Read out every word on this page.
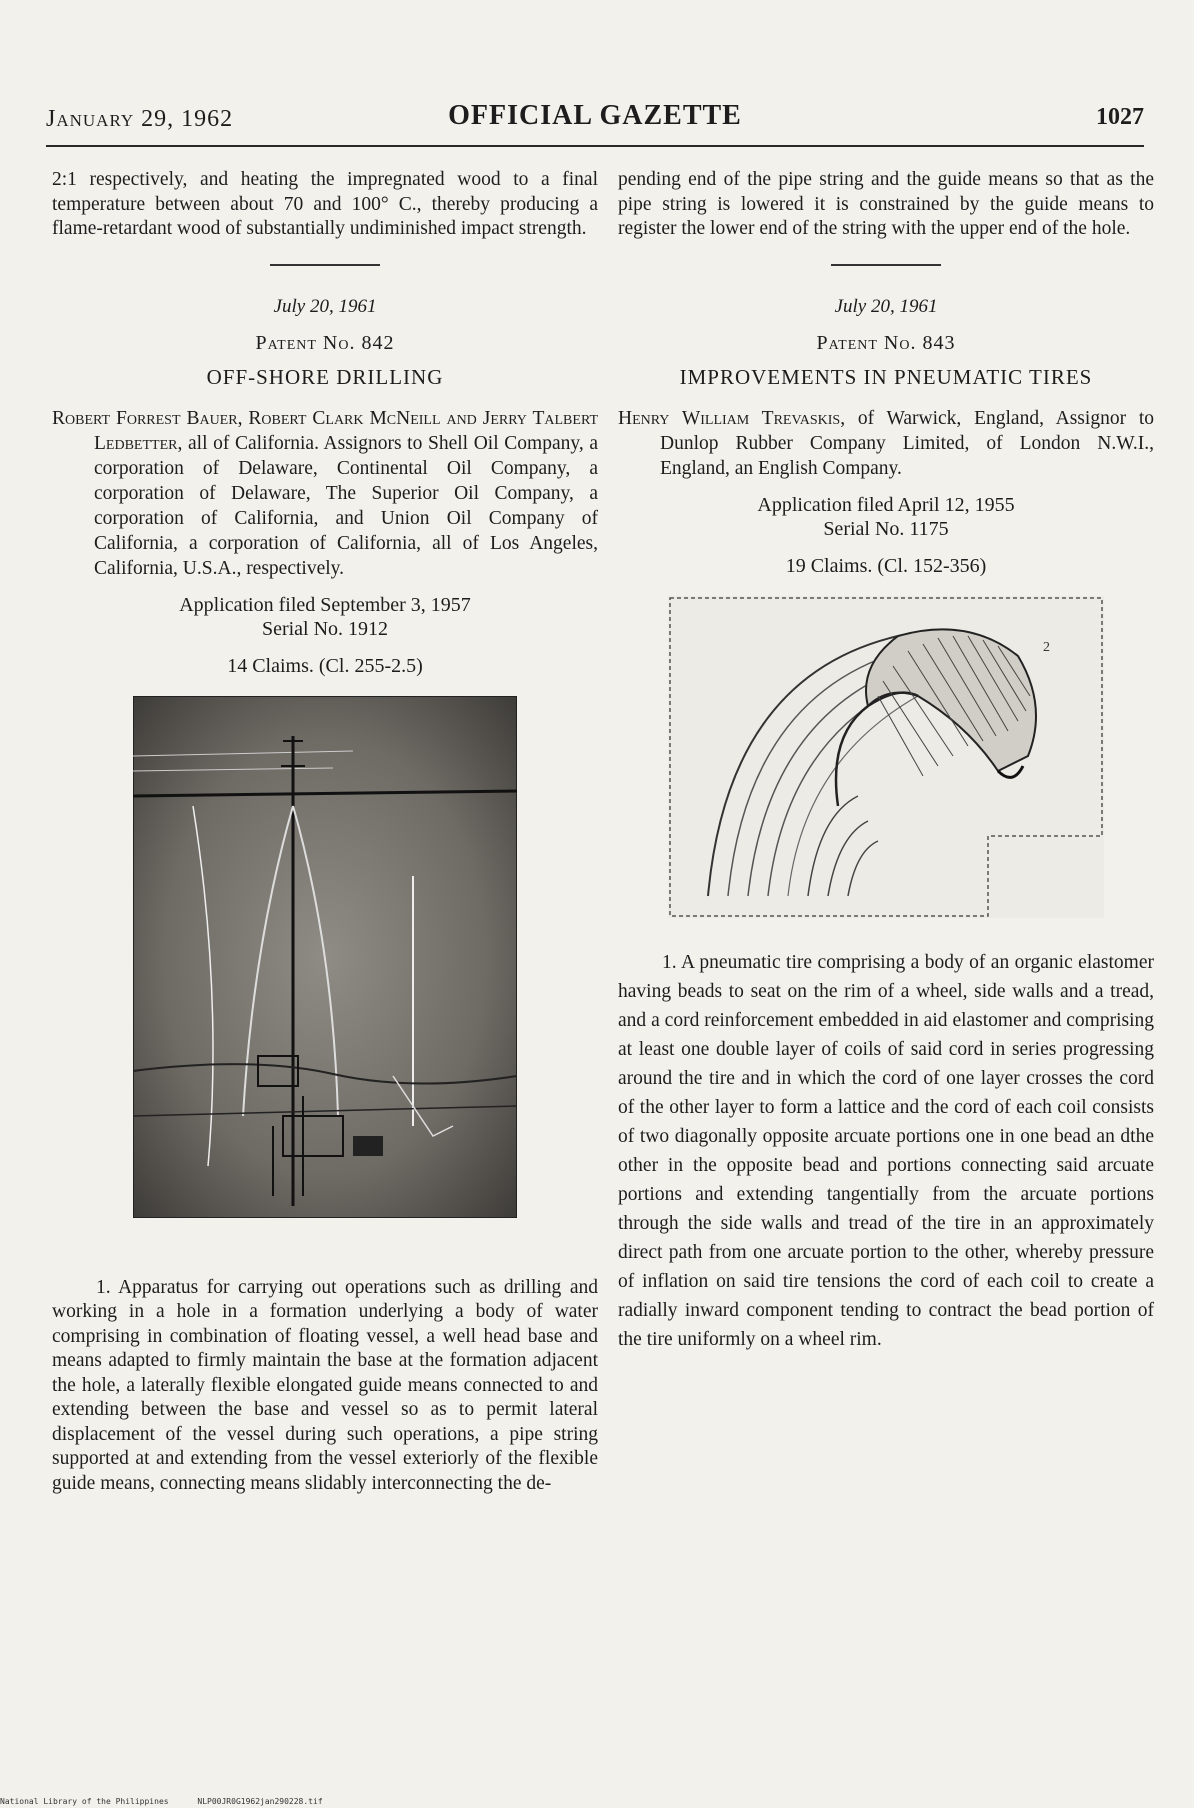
January 29, 1962	OFFICIAL GAZETTE	1027

2:1 respectively, and heating the impregnated wood to a final temperature between about 70 and 100° C., thereby producing a flame-retardant wood of substantially undiminished impact strength.

July 20, 1961

Patent No. 842

OFF-SHORE DRILLING

Robert Forrest Bauer, Robert Clark McNeill and Jerry Talbert Ledbetter, all of California. Assignors to Shell Oil Company, a corporation of Delaware, Continental Oil Company, a corporation of Delaware, The Superior Oil Company, a corporation of California, and Union Oil Company of California, a corporation of California, all of Los Angeles, California, U.S.A., respectively.

Application filed September 3, 1957
Serial No. 1912

14 Claims. (Cl. 255-2.5)

1. Apparatus for carrying out operations such as drilling and working in a hole in a formation underlying a body of water comprising in combination of floating vessel, a well head base and means adapted to firmly maintain the base at the formation adjacent the hole, a laterally flexible elongated guide means connected to and extending between the base and vessel so as to permit lateral displacement of the vessel during such operations, a pipe string supported at and extending from the vessel exteriorly of the flexible guide means, connecting means slidably interconnecting the de-

pending end of the pipe string and the guide means so that as the pipe string is lowered it is constrained by the guide means to register the lower end of the string with the upper end of the hole.

July 20, 1961

Patent No. 843

IMPROVEMENTS IN PNEUMATIC TIRES

Henry William Trevaskis, of Warwick, England, Assignor to Dunlop Rubber Company Limited, of London N.W.I., England, an English Company.

Application filed April 12, 1955
Serial No. 1175

19 Claims. (Cl. 152-356)

2

1. A pneumatic tire comprising a body of an organic elastomer having beads to seat on the rim of a wheel, side walls and a tread, and a cord reinforcement embedded in aid elastomer and comprising at least one double layer of coils of said cord in series progressing around the tire and in which the cord of one layer crosses the cord of the other layer to form a lattice and the cord of each coil consists of two diagonally opposite arcuate portions one in one bead an dthe other in the opposite bead and portions connecting said arcuate portions and extending tangentially from the arcuate portions through the side walls and tread of the tire in an approximately direct path from one arcuate portion to the other, whereby pressure of inflation on said tire tensions the cord of each coil to create a radially inward component tending to contract the bead portion of the tire uniformly on a wheel rim.

National Library of the Philippines	NLP00JR0G1962jan290228.tif
